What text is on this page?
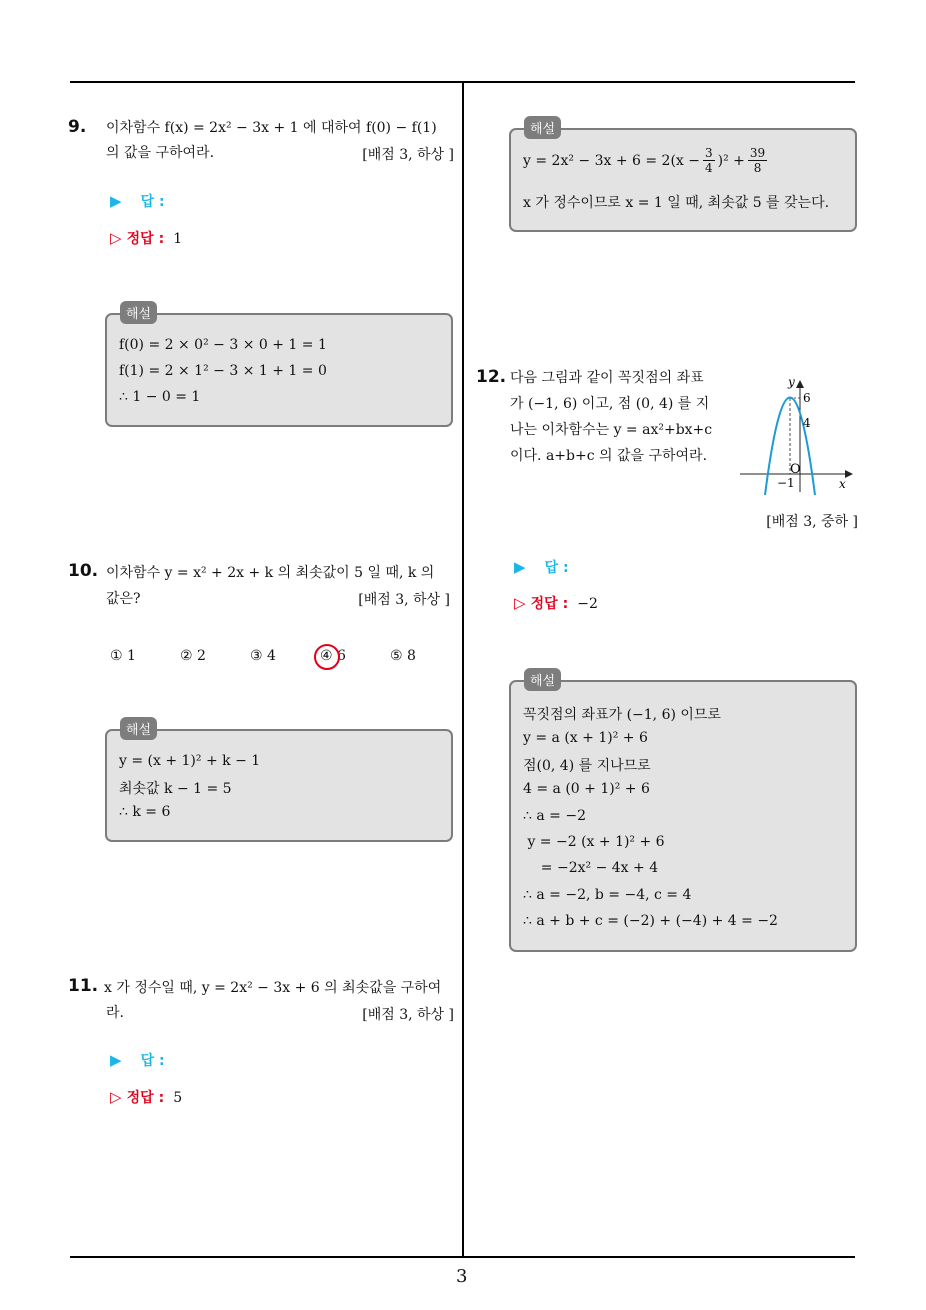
3
9. 이차함수 f(x) = 2x² − 3x + 1 에 대하여 f(0) − f(1)
의 값을 구하여라.	[배점 3, 하상 ]
▶ 답 :
▷ 정답 : 1
f(0) = 2 × 0² − 3 × 0 + 1 = 1
f(1) = 2 × 1² − 3 × 1 + 1 = 0
∴ 1 − 0 = 1
해설
10. 이차함수 y = x² + 2x + k 의 최솟값이 5 일 때, k 의
값은?	[배점 3, 하상 ]
① 1	② 2	③ 4	④ 6	⑤ 8
y = (x + 1)² + k − 1
최솟값 k − 1 = 5
∴ k = 6
해설
11. x 가 정수일 때, y = 2x² − 3x + 6 의 최솟값을 구하여
라.	[배점 3, 하상 ]
▶ 답 :
▷ 정답 : 5
$y = 2x^2 - 3x + 6 = 2(x - \frac{3}{4} )^2 + \frac{39}{8}$
x 가 정수이므로 x = 1 일 때, 최솟값 5 를 갖는다.
해설
12. 다음 그림과 같이 꼭짓점의 좌표
가 (−1, 6) 이고, 점 (0, 4) 를 지
나는 이차함수는 y = ax²+bx+c
이다. a+b+c 의 값을 구하여라.
[배점 3, 중하 ]
y
x
O
6
4
−1
▶ 답 :
▷ 정답 : −2
꼭짓점의 좌표가 (−1, 6) 이므로
y = a (x + 1)² + 6
점(0, 4) 를 지나므로
4 = a (0 + 1)² + 6
∴ a = −2
y = −2 (x + 1)² + 6
= −2x² − 4x + 4
∴ a = −2, b = −4, c = 4
∴ a + b + c = (−2) + (−4) + 4 = −2
해설
